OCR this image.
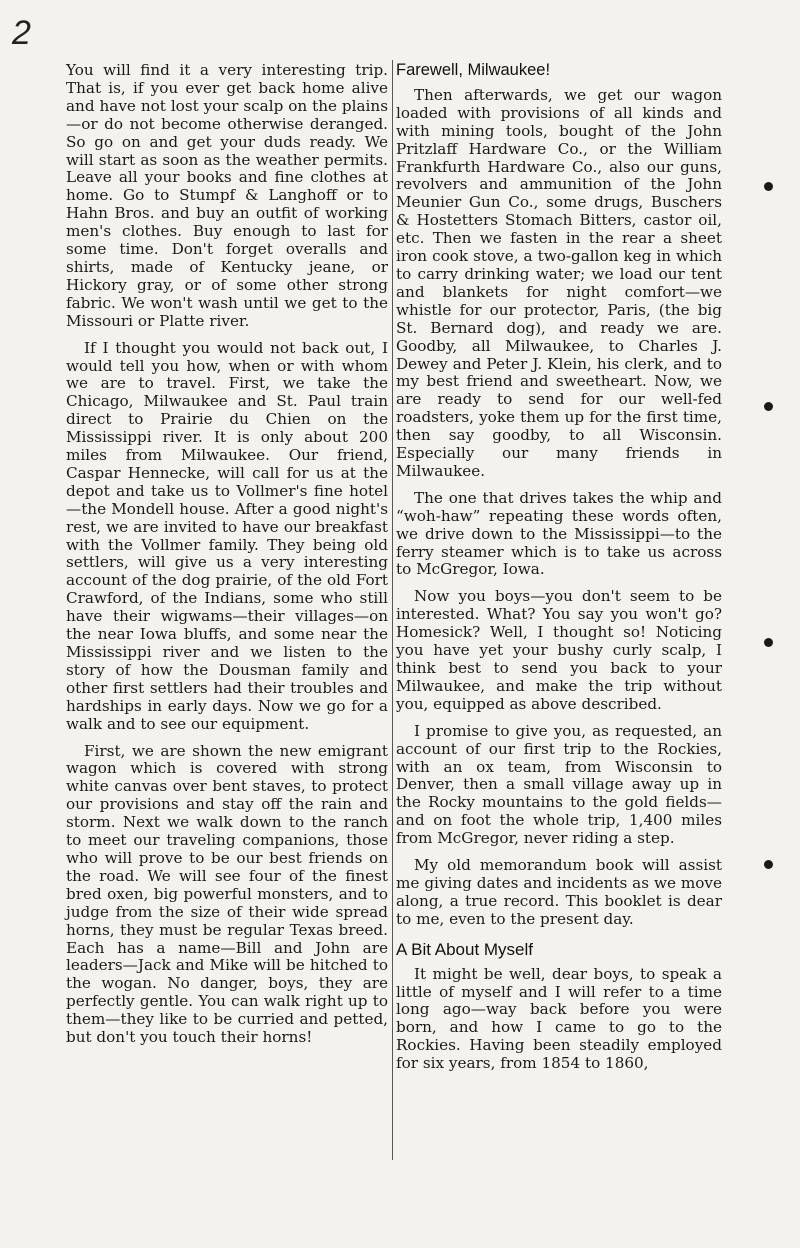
2

You will find it a very interesting trip. That is, if you ever get back home alive and have not lost your scalp on the plains—or do not become otherwise deranged. So go on and get your duds ready. We will start as soon as the weather permits. Leave all your books and fine clothes at home. Go to Stumpf & Langhoff or to Hahn Bros. and buy an outfit of working men's clothes. Buy enough to last for some time. Don't forget overalls and shirts, made of Kentucky jeane, or Hickory gray, or of some other strong fabric. We won't wash until we get to the Missouri or Platte river.

If I thought you would not back out, I would tell you how, when or with whom we are to travel. First, we take the Chicago, Milwaukee and St. Paul train direct to Prairie du Chien on the Mississippi river. It is only about 200 miles from Milwaukee. Our friend, Caspar Hennecke, will call for us at the depot and take us to Vollmer's fine hotel—the Mondell house. After a good night's rest, we are invited to have our breakfast with the Vollmer family. They being old settlers, will give us a very interesting account of the dog prairie, of the old Fort Crawford, of the Indians, some who still have their wigwams—their villages—on the near Iowa bluffs, and some near the Mississippi river and we listen to the story of how the Dousman family and other first settlers had their troubles and hardships in early days. Now we go for a walk and to see our equipment.

First, we are shown the new emigrant wagon which is covered with strong white canvas over bent staves, to protect our provisions and stay off the rain and storm. Next we walk down to the ranch to meet our traveling companions, those who will prove to be our best friends on the road. We will see four of the finest bred oxen, big powerful monsters, and to judge from the size of their wide spread horns, they must be regular Texas breed. Each has a name—Bill and John are leaders—Jack and Mike will be hitched to the wogan. No danger, boys, they are perfectly gentle. You can walk right up to them—they like to be curried and petted, but don't you touch their horns!

Farewell, Milwaukee!

Then afterwards, we get our wagon loaded with provisions of all kinds and with mining tools, bought of the John Pritzlaff Hardware Co., or the William Frankfurth Hardware Co., also our guns, revolvers and ammunition of the John Meunier Gun Co., some drugs, Buschers & Hostetters Stomach Bitters, castor oil, etc. Then we fasten in the rear a sheet iron cook stove, a two-gallon keg in which to carry drinking water; we load our tent and blankets for night comfort—we whistle for our protector, Paris, (the big St. Bernard dog), and ready we are. Goodby, all Milwaukee, to Charles J. Dewey and Peter J. Klein, his clerk, and to my best friend and sweetheart. Now, we are ready to send for our well-fed roadsters, yoke them up for the first time, then say goodby, to all Wisconsin. Especially our many friends in Milwaukee.

The one that drives takes the whip and “woh-haw” repeating these words often, we drive down to the Mississippi—to the ferry steamer which is to take us across to McGregor, Iowa.

Now you boys—you don't seem to be interested. What? You say you won't go? Homesick? Well, I thought so! Noticing you have yet your bushy curly scalp, I think best to send you back to your Milwaukee, and make the trip without you, equipped as above described.

I promise to give you, as requested, an account of our first trip to the Rockies, with an ox team, from Wisconsin to Denver, then a small village away up in the Rocky mountains to the gold fields—and on foot the whole trip, 1,400 miles from McGregor, never riding a step.

My old memorandum book will assist me giving dates and incidents as we move along, a true record. This booklet is dear to me, even to the present day.

A Bit About Myself

It might be well, dear boys, to speak a little of myself and I will refer to a time long ago—way back before you were born, and how I came to go to the Rockies. Having been steadily employed for six years, from 1854 to 1860,
